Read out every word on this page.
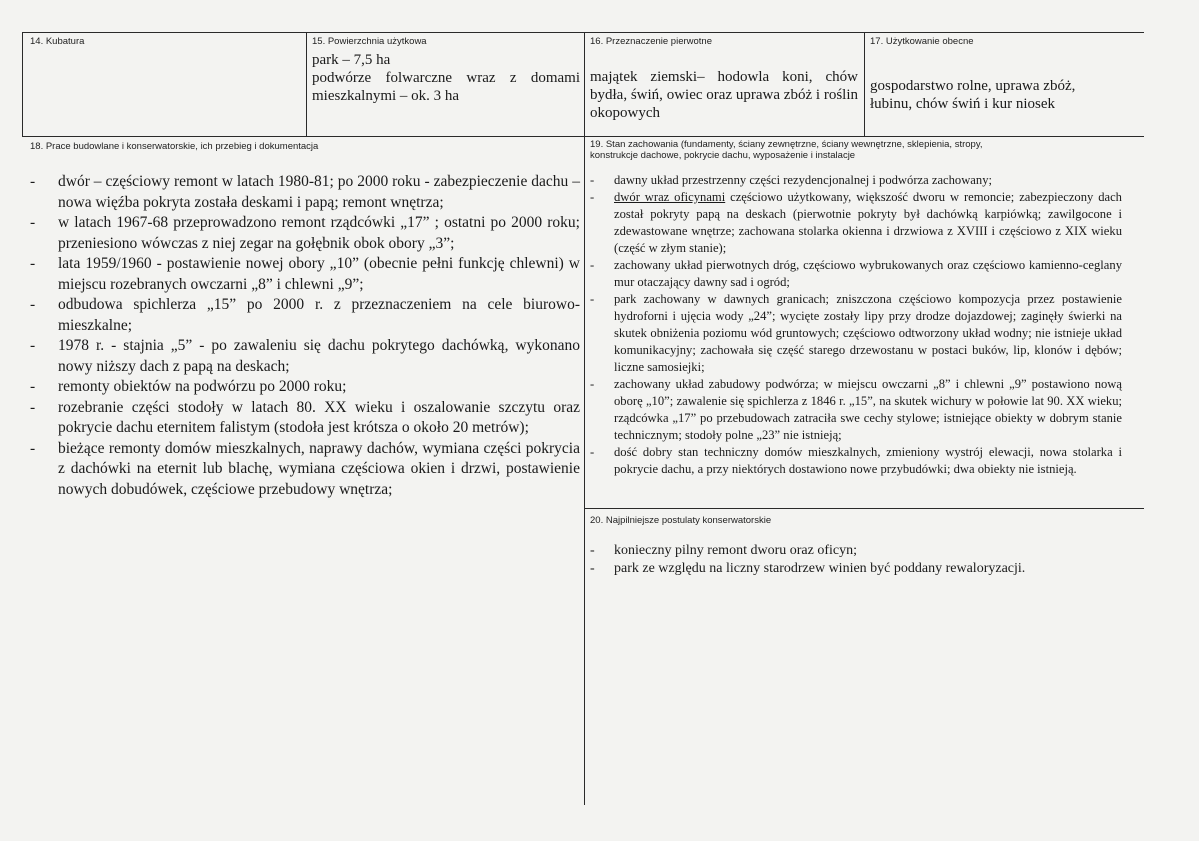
14. Kubatura	15. Powierzchnia użytkowa
park – 7,5 ha
podwórze folwarczne wraz z domami mieszkalnymi – ok. 3 ha
16. Przeznaczenie pierwotne
majątek ziemski– hodowla koni, chów bydła, świń, owiec oraz uprawa zbóż i roślin okopowych
17. Użytkowanie obecne
gospodarstwo rolne, uprawa zbóż, łubinu, chów świń i kur niosek
18. Prace budowlane i konserwatorskie, ich przebieg i dokumentacja
- dwór – częściowy remont w latach 1980-81; po 2000 roku - zabezpieczenie dachu – nowa więźba pokryta została deskami i papą; remont wnętrza;
- w latach 1967-68 przeprowadzono remont rządcówki „17” ; ostatni po 2000 roku; przeniesiono wówczas z niej zegar na gołębnik obok obory „3”;
- lata 1959/1960 - postawienie nowej obory „10” (obecnie pełni funkcję chlewni) w miejscu rozebranych owczarni „8” i chlewni „9”;
- odbudowa spichlerza „15” po 2000 r. z przeznaczeniem na cele biurowo-mieszkalne;
- 1978 r. - stajnia „5” - po zawaleniu się dachu pokrytego dachówką, wykonano nowy niższy dach z papą na deskach;
- remonty obiektów na podwórzu po 2000 roku;
- rozebranie części stodoły w latach 80. XX wieku i oszalowanie szczytu oraz pokrycie dachu eternitem falistym (stodoła jest krótsza o około 20 metrów);
- bieżące remonty domów mieszkalnych, naprawy dachów, wymiana części pokrycia z dachówki na eternit lub blachę, wymiana częściowa okien i drzwi, postawienie nowych dobudówek, częściowe przebudowy wnętrza;
19. Stan zachowania (fundamenty, ściany zewnętrzne, ściany wewnętrzne, sklepienia, stropy,
konstrukcje dachowe, pokrycie dachu, wyposażenie i instalacje
- dawny układ przestrzenny części rezydencjonalnej i podwórza zachowany;
- dwór wraz oficynami częściowo użytkowany, większość dworu w remoncie; zabezpieczony dach został pokryty papą na deskach (pierwotnie pokryty był dachówką karpiówką; zawilgocone i zdewastowane wnętrze; zachowana stolarka okienna i drzwiowa z XVIII i częściowo z XIX wieku (część w złym stanie);
- zachowany układ pierwotnych dróg, częściowo wybrukowanych oraz częściowo kamienno-ceglany mur otaczający dawny sad i ogród;
- park zachowany w dawnych granicach; zniszczona częściowo kompozycja przez postawienie hydroforni i ujęcia wody „24”; wycięte zostały lipy przy drodze dojazdowej; zaginęły świerki na skutek obniżenia poziomu wód gruntowych; częściowo odtworzony układ wodny; nie istnieje układ komunikacyjny; zachowała się część starego drzewostanu w postaci buków, lip, klonów i dębów; liczne samosiejki;
- zachowany układ zabudowy podwórza; w miejscu owczarni „8” i chlewni „9” postawiono nową oborę „10”; zawalenie się spichlerza z 1846 r. „15”, na skutek wichury w połowie lat 90. XX wieku; rządcówka „17” po przebudowach zatraciła swe cechy stylowe; istniejące obiekty w dobrym stanie technicznym; stodoły polne „23” nie istnieją;
- dość dobry stan techniczny domów mieszkalnych, zmieniony wystrój elewacji, nowa stolarka i pokrycie dachu, a przy niektórych dostawiono nowe przybudówki; dwa obiekty nie istnieją.
20. Najpilniejsze postulaty konserwatorskie
- konieczny pilny remont dworu oraz oficyn;
- park ze względu na liczny starodrzew winien być poddany rewaloryzacji.
